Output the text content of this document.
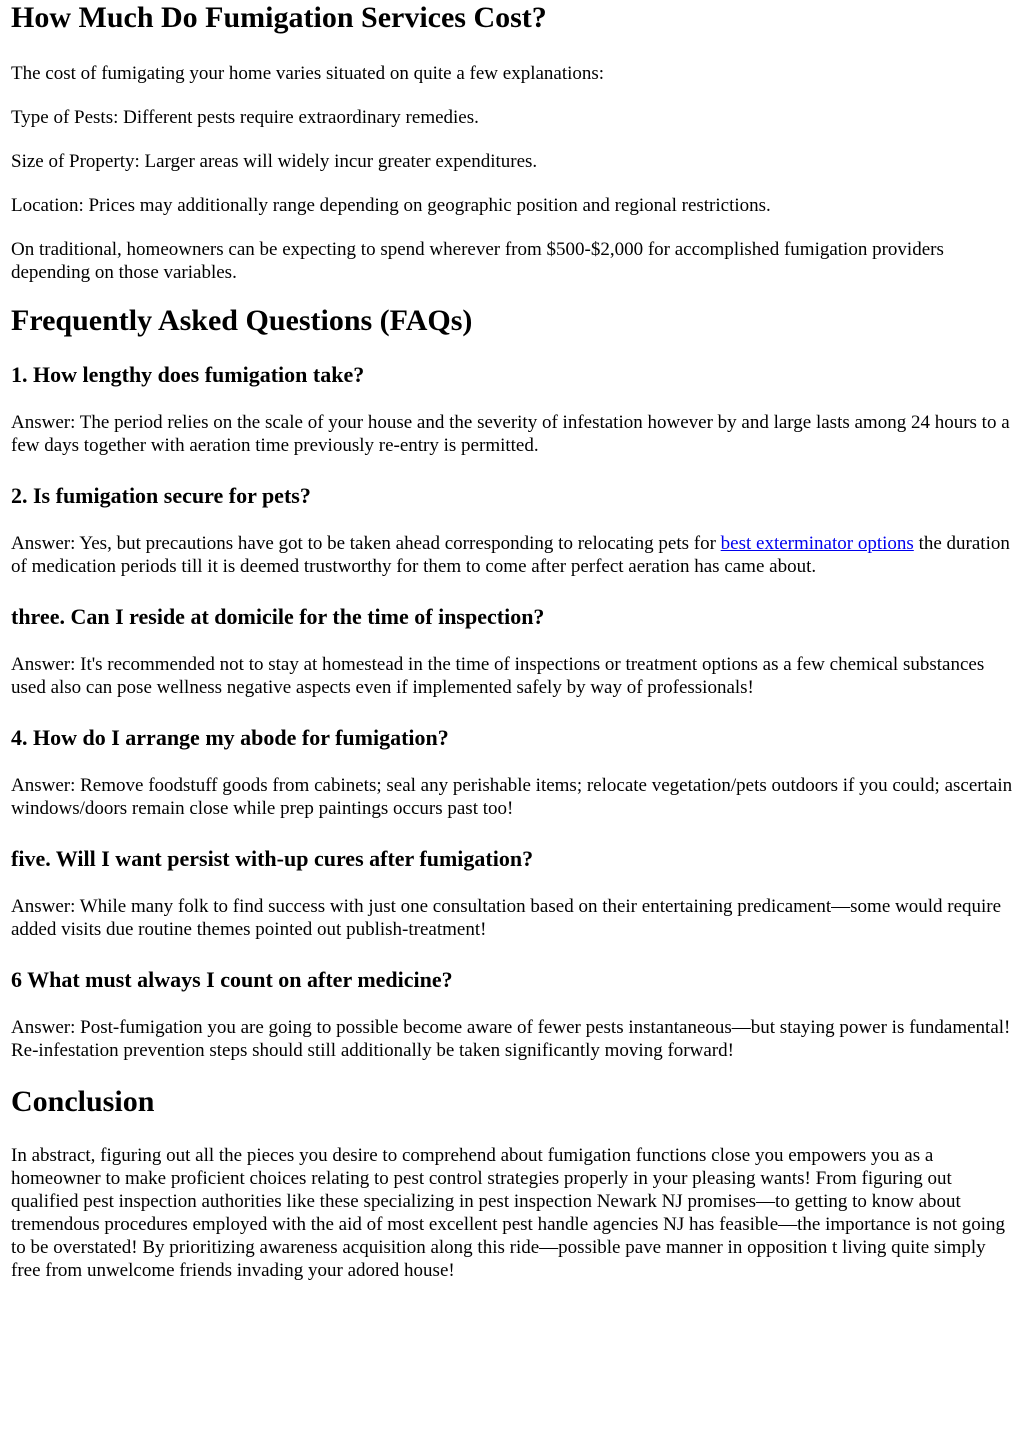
How Much Do Fumigation Services Cost?

The cost of fumigating your home varies situated on quite a few explanations:

Type of Pests: Different pests require extraordinary remedies.

Size of Property: Larger areas will widely incur greater expenditures.

Location: Prices may additionally range depending on geographic position and regional restrictions.

On traditional, homeowners can be expecting to spend wherever from $500-$2,000 for accomplished fumigation providers depending on those variables.

Frequently Asked Questions (FAQs)
1. How lengthy does fumigation take?

Answer: The period relies on the scale of your house and the severity of infestation however by and large lasts among 24 hours to a few days together with aeration time previously re-entry is permitted.

2. Is fumigation secure for pets?

Answer: Yes, but precautions have got to be taken ahead corresponding to relocating pets for best exterminator options the duration of medication periods till it is deemed trustworthy for them to come after perfect aeration has came about.

three. Can I reside at domicile for the time of inspection?

Answer: It's recommended not to stay at homestead in the time of inspections or treatment options as a few chemical substances used also can pose wellness negative aspects even if implemented safely by way of professionals!

4. How do I arrange my abode for fumigation?

Answer: Remove foodstuff goods from cabinets; seal any perishable items; relocate vegetation/pets outdoors if you could; ascertain windows/doors remain close while prep paintings occurs past too!

five. Will I want persist with-up cures after fumigation?

Answer: While many folk to find success with just one consultation based on their entertaining predicament—some would require added visits due routine themes pointed out publish-treatment!

6 What must always I count on after medicine?

Answer: Post-fumigation you are going to possible become aware of fewer pests instantaneous—but staying power is fundamental! Re-infestation prevention steps should still additionally be taken significantly moving forward!

Conclusion

In abstract, figuring out all the pieces you desire to comprehend about fumigation functions close you empowers you as a homeowner to make proficient choices relating to pest control strategies properly in your pleasing wants! From figuring out qualified pest inspection authorities like these specializing in pest inspection Newark NJ promises—to getting to know about tremendous procedures employed with the aid of most excellent pest handle agencies NJ has feasible—the importance is not going to be overstated! By prioritizing awareness acquisition along this ride—possible pave manner in opposition t living quite simply free from unwelcome friends invading your adored house!
